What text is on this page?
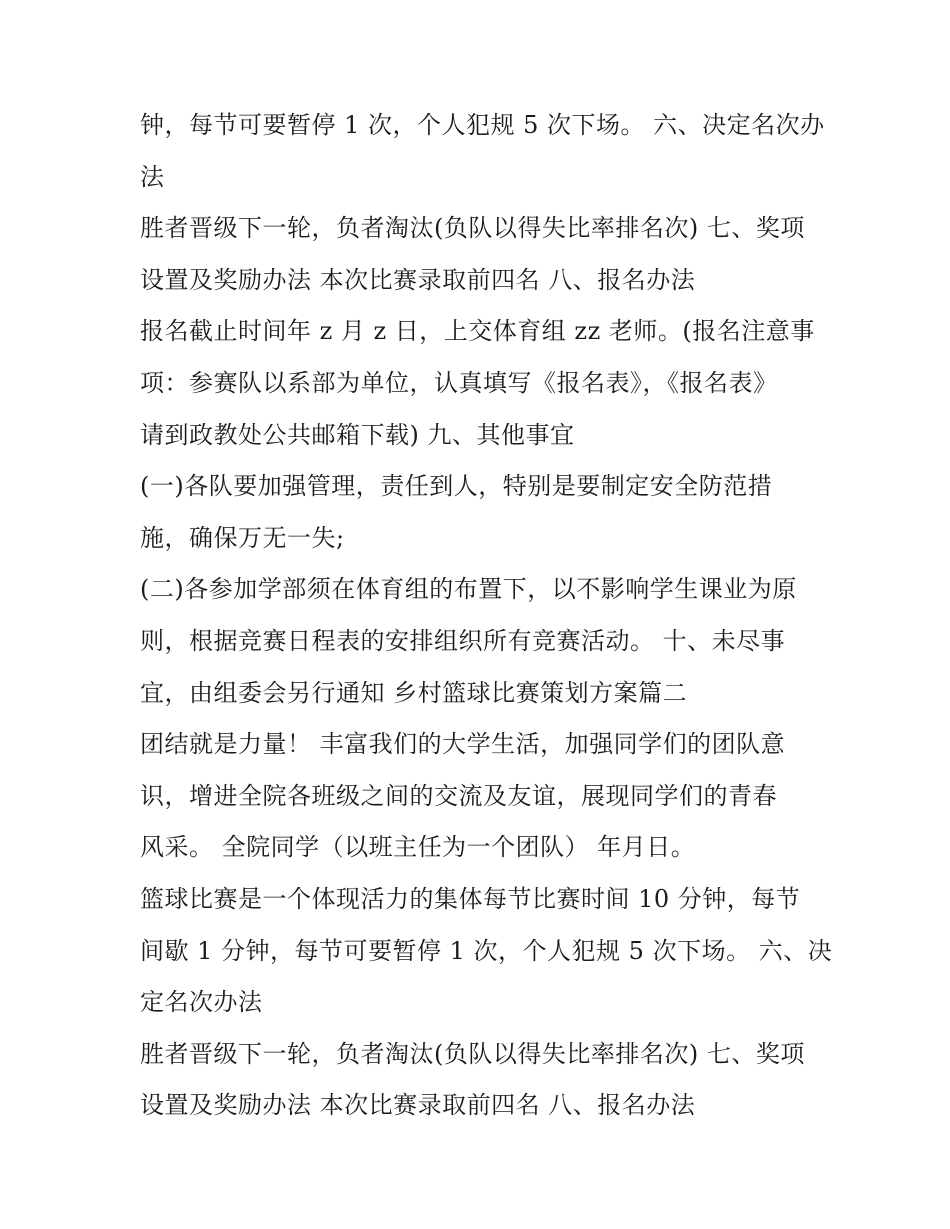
钟，每节可要暂停 1 次，个人犯规 5 次下场。 六、决定名次办
法
胜者晋级下一轮，负者淘汰(负队以得失比率排名次) 七、奖项
设置及奖励办法 本次比赛录取前四名 八、报名办法
报名截止时间年 z 月 z 日，上交体育组 zz 老师。(报名注意事
项：参赛队以系部为单位，认真填写《报名表》，《报名表》
请到政教处公共邮箱下载) 九、其他事宜
(一)各队要加强管理，责任到人，特别是要制定安全防范措
施，确保万无一失;
(二)各参加学部须在体育组的布置下，以不影响学生课业为原
则，根据竞赛日程表的安排组织所有竞赛活动。 十、未尽事
宜，由组委会另行通知 乡村篮球比赛策划方案篇二
团结就是力量！ 丰富我们的大学生活，加强同学们的团队意
识，增进全院各班级之间的交流及友谊，展现同学们的青春
风采。 全院同学（以班主任为一个团队） 年月日。
篮球比赛是一个体现活力的集体每节比赛时间 10 分钟，每节
间歇 1 分钟，每节可要暂停 1 次，个人犯规 5 次下场。 六、决
定名次办法
胜者晋级下一轮，负者淘汰(负队以得失比率排名次) 七、奖项
设置及奖励办法 本次比赛录取前四名 八、报名办法
